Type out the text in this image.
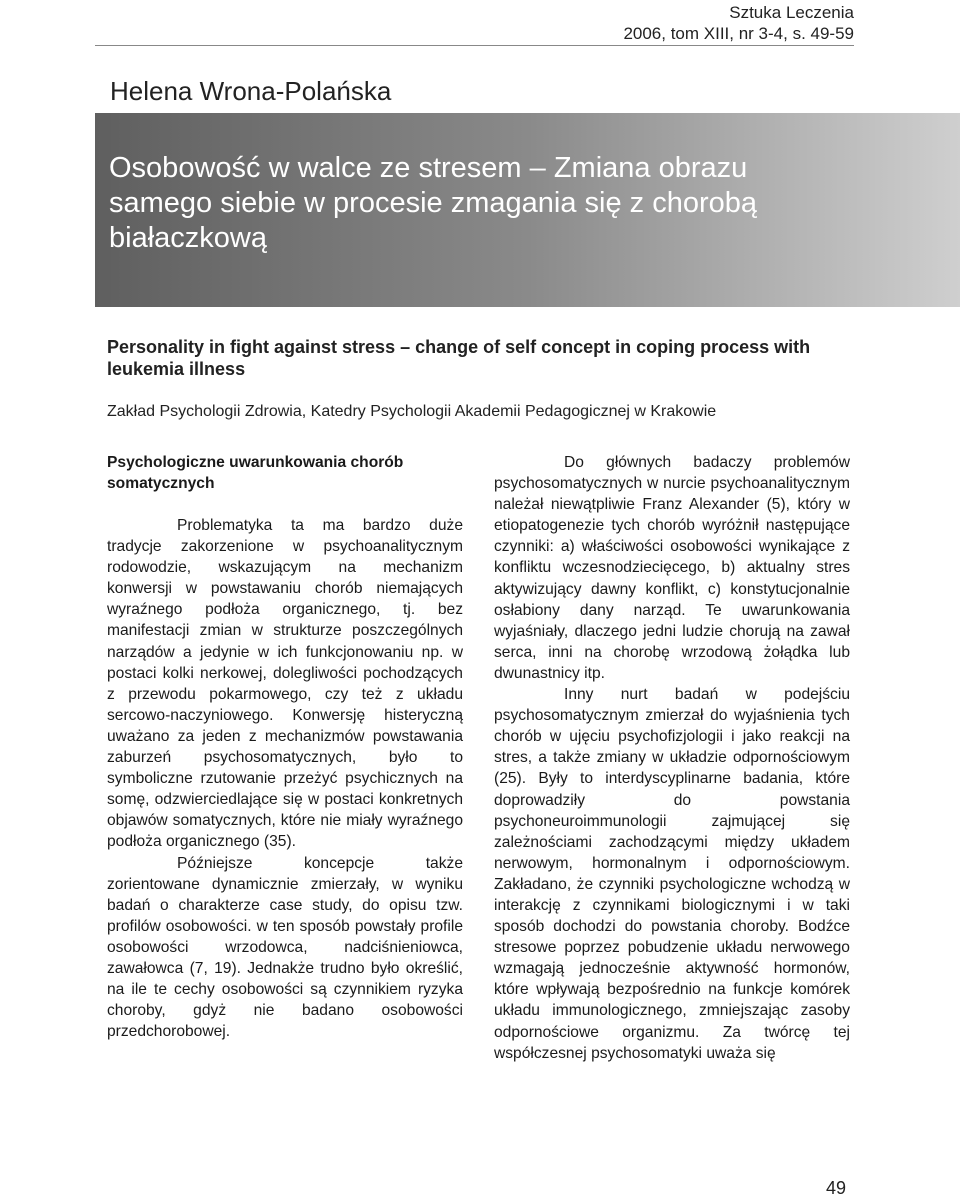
Sztuka Leczenia
2006, tom XIII, nr 3-4, s. 49-59
Helena Wrona-Polańska
Osobowość w walce ze stresem – Zmiana obrazu samego siebie w procesie zmagania się z chorobą białaczkową
Personality in fight against stress – change of self concept in coping process with leukemia illness
Zakład Psychologii Zdrowia, Katedry Psychologii Akademii Pedagogicznej w Krakowie
Psychologiczne uwarunkowania chorób somatycznych

Problematyka ta ma bardzo duże tradycje zakorzenione w psychoanalitycznym rodowodzie, wskazującym na mechanizm konwersji w powstawaniu chorób niemających wyraźnego podłoża organicznego, tj. bez manifestacji zmian w strukturze poszczególnych narządów a jedynie w ich funkcjonowaniu np. w postaci kolki nerkowej, dolegliwości pochodzących z przewodu pokarmowego, czy też z układu sercowo-naczyniowego. Konwersję histeryczną uważano za jeden z mechanizmów powstawania zaburzeń psychosomatycznych, było to symboliczne rzutowanie przeżyć psychicznych na somę, odzwierciedlające się w postaci konkretnych objawów somatycznych, które nie miały wyraźnego podłoża organicznego (35).

Późniejsze koncepcje także zorientowane dynamicznie zmierzały, w wyniku badań o charakterze case study, do opisu tzw. profilów osobowości. w ten sposób powstały profile osobowości wrzodowca, nadciśnieniowca, zawałowca (7, 19). Jednakże trudno było określić, na ile te cechy osobowości są czynnikiem ryzyka choroby, gdyż nie badano osobowości przedchorobowej.

Do głównych badaczy problemów psychosomatycznych w nurcie psychoanalitycznym należał niewątpliwie Franz Alexander (5), który w etiopatogenezie tych chorób wyróżnił następujące czynniki: a) właściwości osobowości wynikające z konfliktu wczesnodziecięcego, b) aktualny stres aktywizujący dawny konflikt, c) konstytucjonalnie osłabiony dany narząd. Te uwarunkowania wyjaśniały, dlaczego jedni ludzie chorują na zawał serca, inni na chorobę wrzodową żołądka lub dwunastnicy itp.

Inny nurt badań w podejściu psychosomatycznym zmierzał do wyjaśnienia tych chorób w ujęciu psychofizjologii i jako reakcji na stres, a także zmiany w układzie odpornościowym (25). Były to interdyscyplinarne badania, które doprowadziły do powstania psychoneuroimmunologii zajmującej się zależnościami zachodzącymi między układem nerwowym, hormonalnym i odpornościowym. Zakładano, że czynniki psychologiczne wchodzą w interakcję z czynnikami biologicznymi i w taki sposób dochodzi do powstania choroby. Bodźce stresowe poprzez pobudzenie układu nerwowego wzmagają jednocześnie aktywność hormonów, które wpływają bezpośrednio na funkcje komórek układu immunologicznego, zmniejszając zasoby odpornościowe organizmu. Za twórcę tej współczesnej psychosomatyki uważa się

49
